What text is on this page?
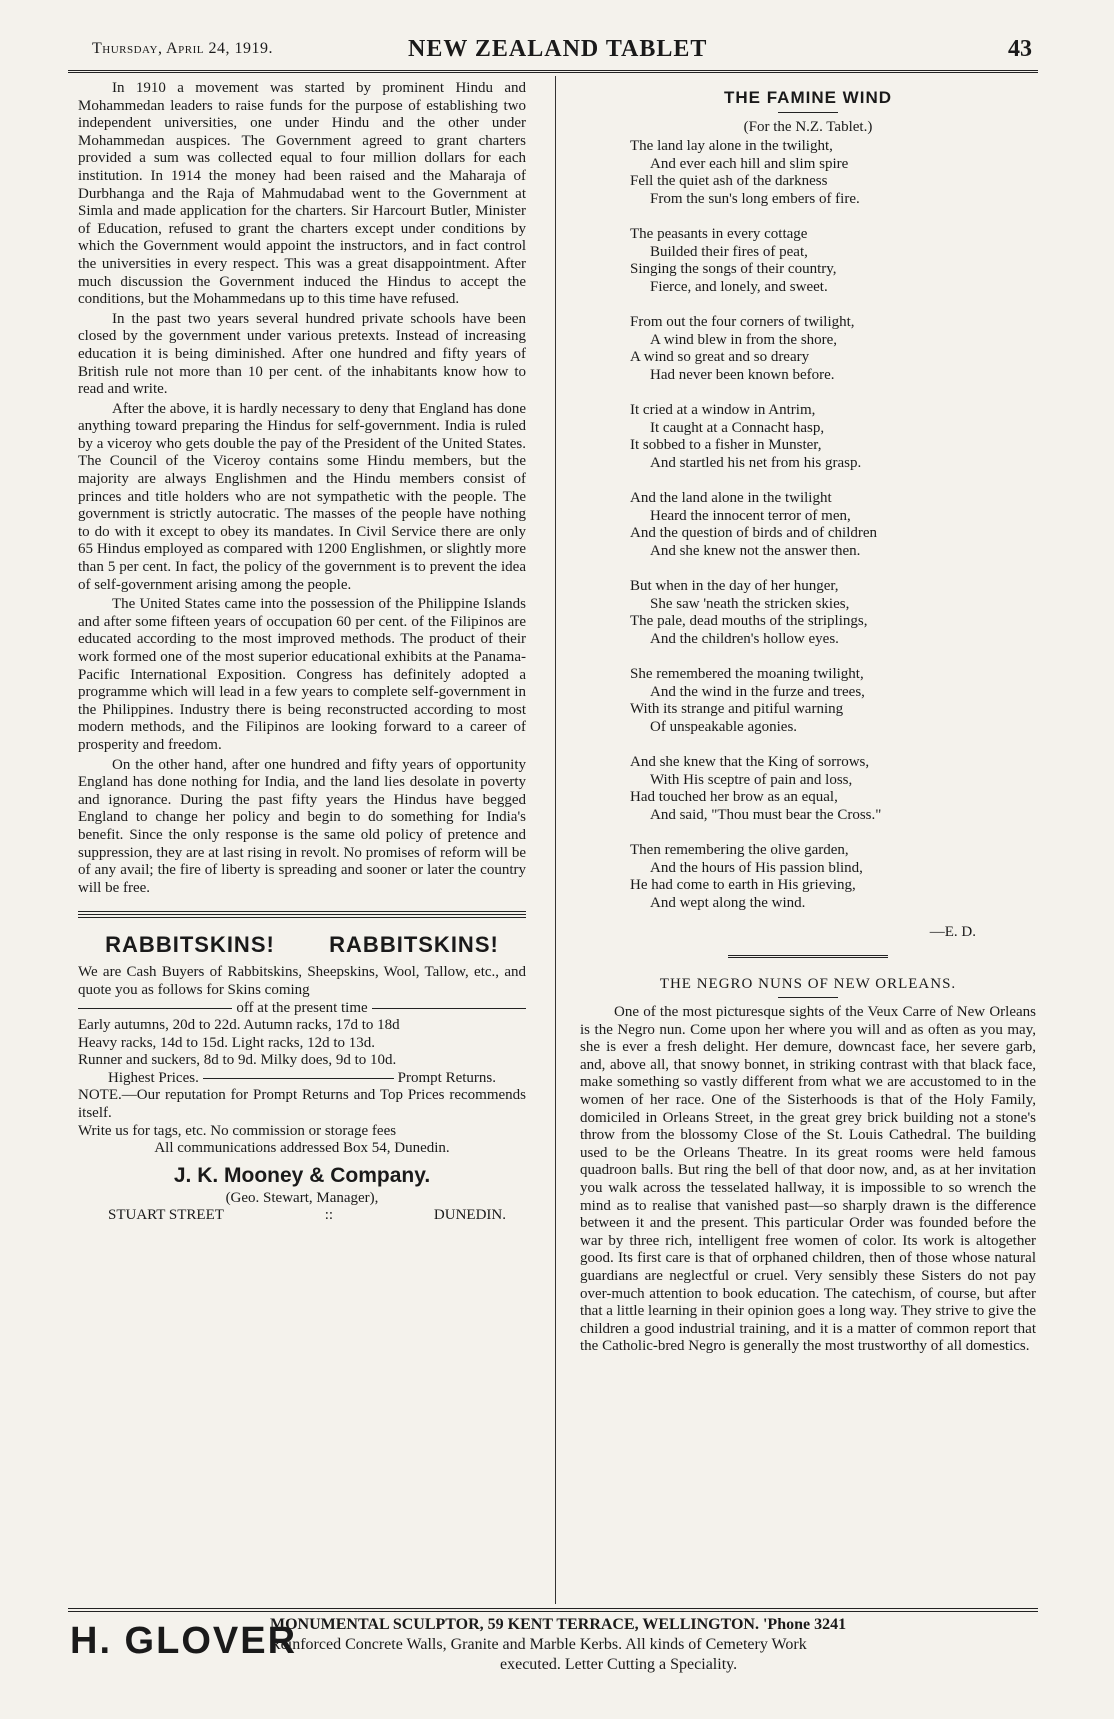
Thursday, April 24, 1919.	NEW ZEALAND TABLET	43

In 1910 a movement was started by prominent Hindu and Mohammedan leaders to raise funds for the purpose of establishing two independent universities, one under Hindu and the other under Mohammedan auspices. The Government agreed to grant charters provided a sum was collected equal to four million dollars for each institution. In 1914 the money had been raised and the Maharaja of Durbhanga and the Raja of Mahmudabad went to the Government at Simla and made application for the charters. Sir Harcourt Butler, Minister of Education, refused to grant the charters except under conditions by which the Government would appoint the instructors, and in fact control the universities in every respect. This was a great disappointment. After much discussion the Government induced the Hindus to accept the conditions, but the Mohammedans up to this time have refused.

In the past two years several hundred private schools have been closed by the government under various pretexts. Instead of increasing education it is being diminished. After one hundred and fifty years of British rule not more than 10 per cent. of the inhabitants know how to read and write.

After the above, it is hardly necessary to deny that England has done anything toward preparing the Hindus for self-government. India is ruled by a viceroy who gets double the pay of the President of the United States. The Council of the Viceroy contains some Hindu members, but the majority are always Englishmen and the Hindu members consist of princes and title holders who are not sympathetic with the people. The government is strictly autocratic. The masses of the people have nothing to do with it except to obey its mandates. In Civil Service there are only 65 Hindus employed as compared with 1200 Englishmen, or slightly more than 5 per cent. In fact, the policy of the government is to prevent the idea of self-government arising among the people.

The United States came into the possession of the Philippine Islands and after some fifteen years of occupation 60 per cent. of the Filipinos are educated according to the most improved methods. The product of their work formed one of the most superior educational exhibits at the Panama-Pacific International Exposition. Congress has definitely adopted a programme which will lead in a few years to complete self-government in the Philippines. Industry there is being reconstructed according to most modern methods, and the Filipinos are looking forward to a career of prosperity and freedom.

On the other hand, after one hundred and fifty years of opportunity England has done nothing for India, and the land lies desolate in poverty and ignorance. During the past fifty years the Hindus have begged England to change her policy and begin to do something for India's benefit. Since the only response is the same old policy of pretence and suppression, they are at last rising in revolt. No promises of reform will be of any avail; the fire of liberty is spreading and sooner or later the country will be free.

RABBITSKINS! RABBITSKINS!

We are Cash Buyers of Rabbitskins, Sheepskins, Wool, Tallow, etc., and quote you as follows for Skins coming

off at the present time

Early autumns, 20d to 22d. Autumn racks, 17d to 18d

Heavy racks, 14d to 15d. Light racks, 12d to 13d.

Runner and suckers, 8d to 9d. Milky does, 9d to 10d.

Highest Prices.	Prompt Returns.

NOTE.—Our reputation for Prompt Returns and Top Prices recommends itself.

Write us for tags, etc. No commission or storage fees

All communications addressed Box 54, Dunedin.

J. K. Mooney & Company.

(Geo. Stewart, Manager),

STUART STREET	::	DUNEDIN.
THE FAMINE WIND
(For the N.Z. Tablet.)
The land lay alone in the twilight,
And ever each hill and slim spire
Fell the quiet ash of the darkness
From the sun's long embers of fire.
The peasants in every cottage
Builded their fires of peat,
Singing the songs of their country,
Fierce, and lonely, and sweet.
From out the four corners of twilight,
A wind blew in from the shore,
A wind so great and so dreary
Had never been known before.
It cried at a window in Antrim,
It caught at a Connacht hasp,
It sobbed to a fisher in Munster,
And startled his net from his grasp.
And the land alone in the twilight
Heard the innocent terror of men,
And the question of birds and of children
And she knew not the answer then.
But when in the day of her hunger,
She saw 'neath the stricken skies,
The pale, dead mouths of the striplings,
And the children's hollow eyes.
She remembered the moaning twilight,
And the wind in the furze and trees,
With its strange and pitiful warning
Of unspeakable agonies.
And she knew that the King of sorrows,
With His sceptre of pain and loss,
Had touched her brow as an equal,
And said, "Thou must bear the Cross."
Then remembering the olive garden,
And the hours of His passion blind,
He had come to earth in His grieving,
And wept along the wind.
—E. D.
THE NEGRO NUNS OF NEW ORLEANS.

One of the most picturesque sights of the Veux Carre of New Orleans is the Negro nun. Come upon her where you will and as often as you may, she is ever a fresh delight. Her demure, downcast face, her severe garb, and, above all, that snowy bonnet, in striking contrast with that black face, make something so vastly different from what we are accustomed to in the women of her race. One of the Sisterhoods is that of the Holy Family, domiciled in Orleans Street, in the great grey brick building not a stone's throw from the blossomy Close of the St. Louis Cathedral. The building used to be the Orleans Theatre. In its great rooms were held famous quadroon balls. But ring the bell of that door now, and, as at her invitation you walk across the tesselated hallway, it is impossible to so wrench the mind as to realise that vanished past—so sharply drawn is the difference between it and the present. This particular Order was founded before the war by three rich, intelligent free women of color. Its work is altogether good. Its first care is that of orphaned children, then of those whose natural guardians are neglectful or cruel. Very sensibly these Sisters do not pay over-much attention to book education. The catechism, of course, but after that a little learning in their opinion goes a long way. They strive to give the children a good industrial training, and it is a matter of common report that the Catholic-bred Negro is generally the most trustworthy of all domestics.

H. GLOVER
MONUMENTAL SCULPTOR, 59 KENT TERRACE, WELLINGTON. 'Phone 3241
Reinforced Concrete Walls, Granite and Marble Kerbs. All kinds of Cemetery Work
executed. Letter Cutting a Speciality.
